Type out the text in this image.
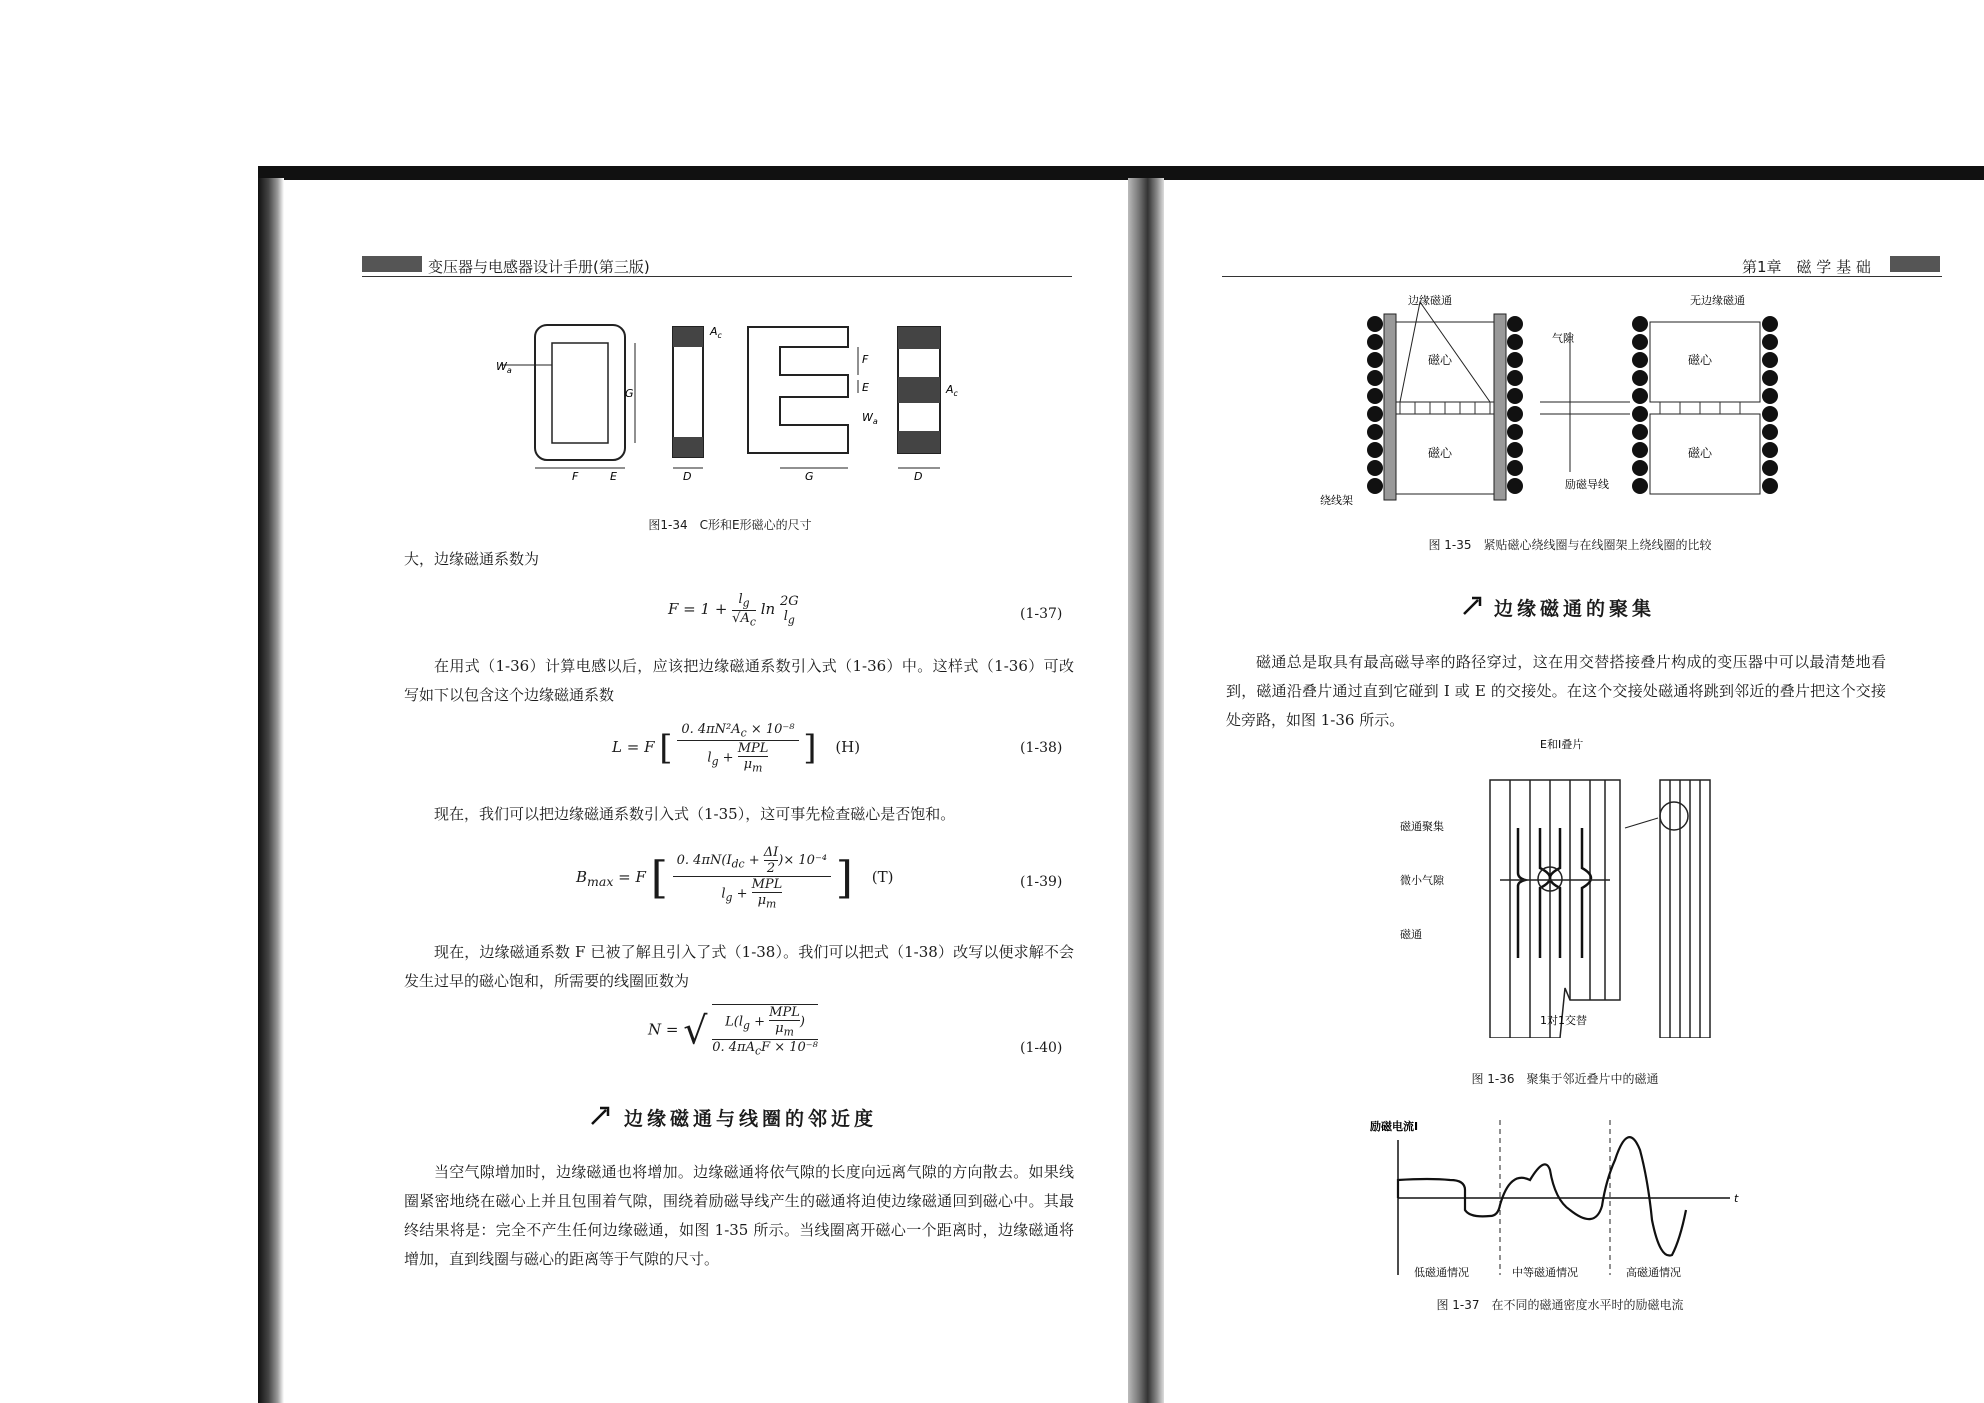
变压器与电感器设计手册(第三版)
$W_a$
G
F	E
$A_c$
D
F
E
$W_a$
G
$A_c$
D
图1-34　C形和E形磁心的尺寸
大，边缘磁通系数为
$F = 1 + \frac{l_g}{√A_c}$ ln 2G
$l_g$	(1-37)
在用式（1-36）计算电感以后，应该把边缘磁通系数引入式（1-36）中。这样式（1-36）可改写如下以包含这个边缘磁通系数
L = F [ 0. $4\pi N^2A_c \times 10^{-8}$
$l_g$ +
MPL
$\mu_m$ ] (H)	(1-38)
现在，我们可以把边缘磁通系数引入式（1-35），这可事先检查磁心是否饱和。
$B_{max} = F$ [ 0. $4\pi N(I_{dc} + \frac{\Delta I}{2}$ )× 10⁻⁴
$l_g$ +
MPL
$\mu_m$
] (T)	(1-39)
现在，边缘磁通系数 F 已被了解且引入了式（1-38）。我们可以把式（1-38）改写以便求解不会发生过早的磁心饱和，所需要的线圈匝数为
N = √	$L(l_g$ +
MPL
$\mu_m$
)
0. $4\pi A_cF \times 10^{-8}$	(1-40)
边缘磁通与线圈的邻近度
当空气隙增加时，边缘磁通也将增加。边缘磁通将依气隙的长度向远离气隙的方向散去。如果线圈紧密地绕在磁心上并且包围着气隙，围绕着励磁导线产生的磁通将迫使边缘磁通回到磁心中。其最终结果将是：完全不产生任何边缘磁通，如图 1-35 所示。当线圈离开磁心一个距离时，边缘磁通将增加，直到线圈与磁心的距离等于气隙的尺寸。
第1章　磁 学 基 础
边缘磁通	无边缘磁通
气隙
磁心
磁心
磁心
磁心
绕线架
励磁导线
图 1-35　紧贴磁心绕线圈与在线圈架上绕线圈的比较
边缘磁通的聚集
磁通总是取具有最高磁导率的路径穿过，这在用交替搭接叠片构成的变压器中可以最清楚地看到，磁通沿叠片通过直到它碰到 I 或 E 的交接处。在这个交接处磁通将跳到邻近的叠片把这个交接处旁路，如图 1-36 所示。
E和I叠片
磁通聚集
微小气隙
磁通
1对1交替
图 1-36　聚集于邻近叠片中的磁通
励磁电流I
t
低磁通情况	中等磁通情况	高磁通情况
图 1-37　在不同的磁通密度水平时的励磁电流
